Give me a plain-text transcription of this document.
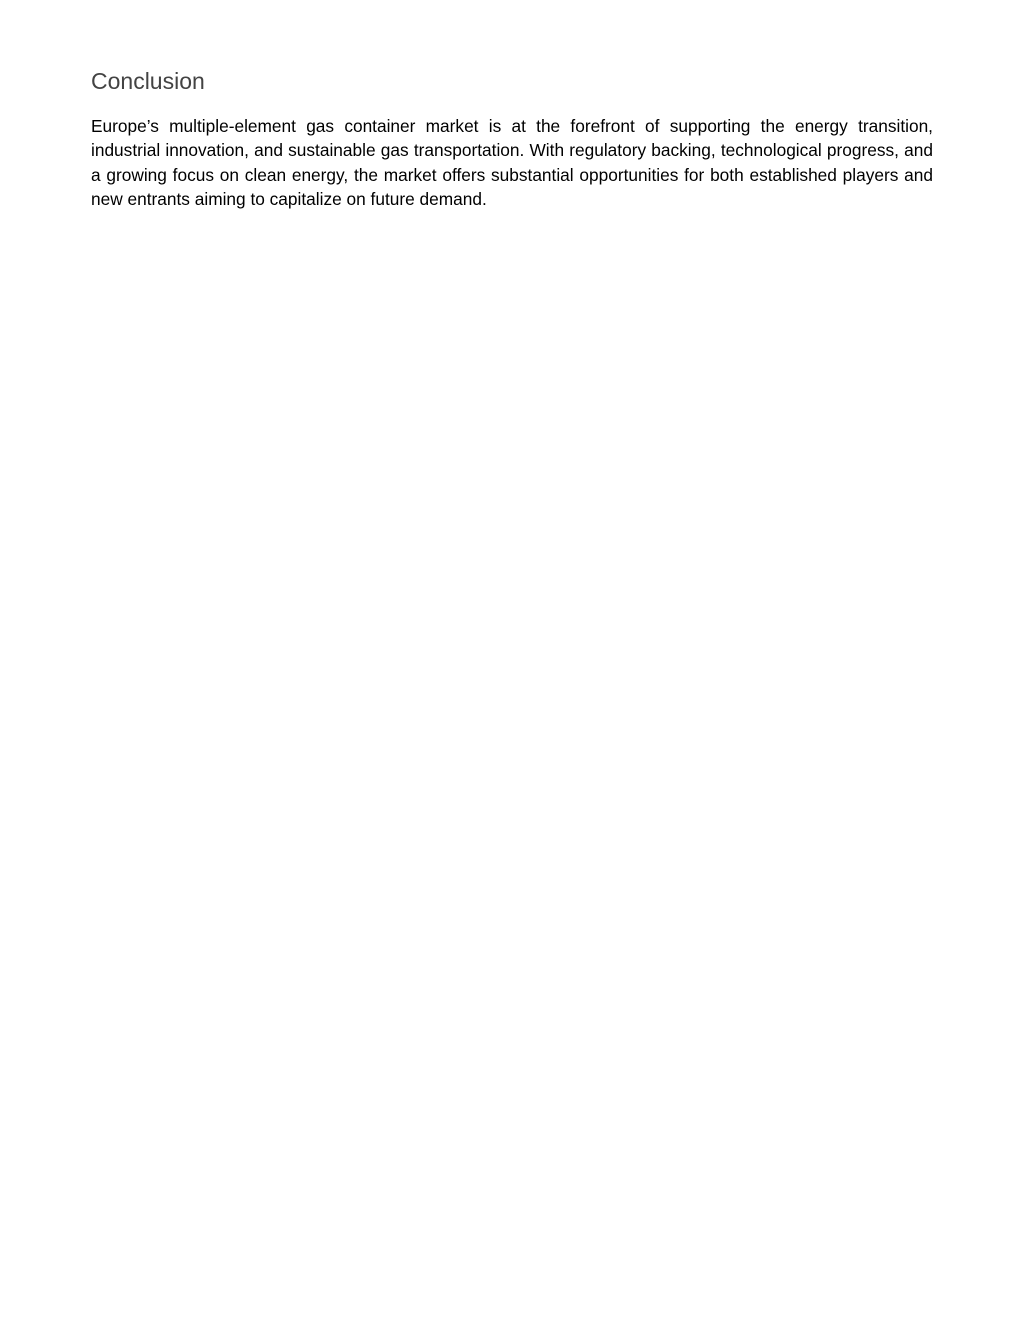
Conclusion

Europe’s multiple-element gas container market is at the forefront of supporting the energy transition, industrial innovation, and sustainable gas transportation. With regulatory backing, technological progress, and a growing focus on clean energy, the market offers substantial opportunities for both established players and new entrants aiming to capitalize on future demand.
